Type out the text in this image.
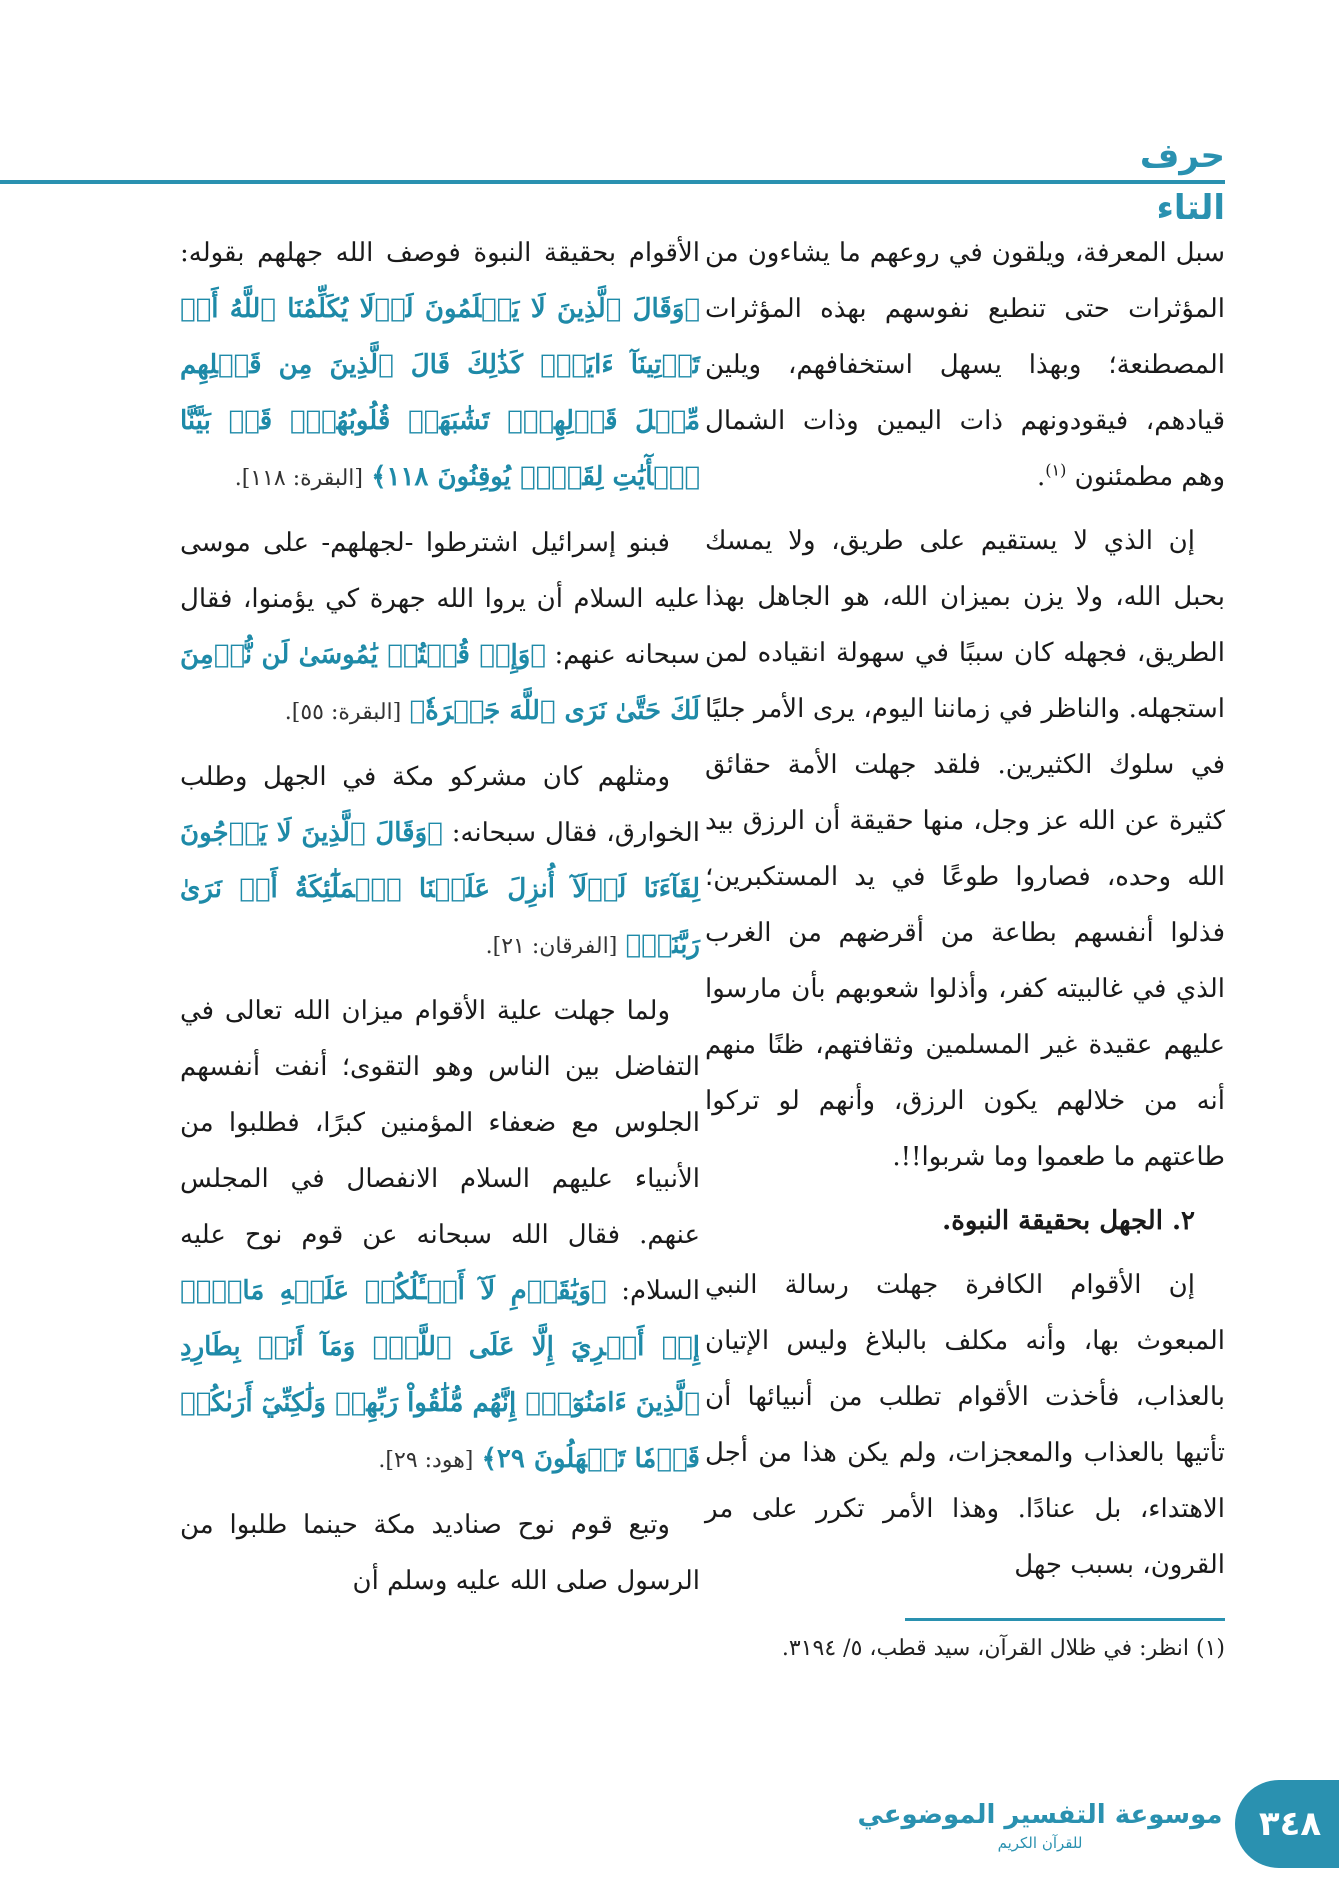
حرف التاء

سبل المعرفة، ويلقون في روعهم ما يشاءون من المؤثرات حتى تنطبع نفوسهم بهذه المؤثرات المصطنعة؛ وبهذا يسهل استخفافهم، ويلين قيادهم، فيقودونهم ذات اليمين وذات الشمال وهم مطمئنون $^{(١)}$.

إن الذي لا يستقيم على طريق، ولا يمسك بحبل الله، ولا يزن بميزان الله، هو الجاهل بهذا الطريق، فجهله كان سببًا في سهولة انقياده لمن استجهله. والناظر في زماننا اليوم، يرى الأمر جليًا في سلوك الكثيرين. فلقد جهلت الأمة حقائق كثيرة عن الله عز وجل، منها حقيقة أن الرزق بيد الله وحده، فصاروا طوعًا في يد المستكبرين؛ فذلوا أنفسهم بطاعة من أقرضهم من الغرب الذي في غالبيته كفر، وأذلوا شعوبهم بأن مارسوا عليهم عقيدة غير المسلمين وثقافتهم، ظنًا منهم أنه من خلالهم يكون الرزق، وأنهم لو تركوا طاعتهم ما طعموا وما شربوا!!.

٢. الجهل بحقيقة النبوة.

إن الأقوام الكافرة جهلت رسالة النبي المبعوث بها، وأنه مكلف بالبلاغ وليس الإتيان بالعذاب، فأخذت الأقوام تطلب من أنبيائها أن تأتيها بالعذاب والمعجزات، ولم يكن هذا من أجل الاهتداء، بل عنادًا. وهذا الأمر تكرر على مر القرون، بسبب جهل

(١) انظر: في ظلال القرآن، سيد قطب، ٥/ ٣١٩٤.

الأقوام بحقيقة النبوة فوصف الله جهلهم بقوله: ﴿وَقَالَ ٱلَّذِينَ لَا يَعۡلَمُونَ لَوۡلَا يُكَلِّمُنَا ٱللَّهُ أَوۡ تَأۡتِينَآ ءَايَةٞۗ كَذَٰلِكَ قَالَ ٱلَّذِينَ مِن قَبۡلِهِم مِّثۡلَ قَوۡلِهِمۡۘ تَشَٰبَهَتۡ قُلُوبُهُمۡۗ قَدۡ بَيَّنَّا ٱلۡأٓيَٰتِ لِقَوۡمٖ يُوقِنُونَ ١١٨﴾ [البقرة: ١١٨].

فبنو إسرائيل اشترطوا -لجهلهم- على موسى عليه السلام أن يروا الله جهرة كي يؤمنوا، فقال سبحانه عنهم: ﴿وَإِذۡ قُلۡتُمۡ يَٰمُوسَىٰ لَن نُّؤۡمِنَ لَكَ حَتَّىٰ نَرَى ٱللَّهَ جَهۡرَةٗ﴾ [البقرة: ٥٥].

ومثلهم كان مشركو مكة في الجهل وطلب الخوارق، فقال سبحانه: ﴿وَقَالَ ٱلَّذِينَ لَا يَرۡجُونَ لِقَآءَنَا لَوۡلَآ أُنزِلَ عَلَيۡنَا ٱلۡمَلَٰٓئِكَةُ أَوۡ نَرَىٰ رَبَّنَاۗ﴾ [الفرقان: ٢١].

ولما جهلت علية الأقوام ميزان الله تعالى في التفاضل بين الناس وهو التقوى؛ أنفت أنفسهم الجلوس مع ضعفاء المؤمنين كبرًا، فطلبوا من الأنبياء عليهم السلام الانفصال في المجلس عنهم. فقال الله سبحانه عن قوم نوح عليه السلام: ﴿وَيَٰقَوۡمِ لَآ أَسۡـَٔلُكُمۡ عَلَيۡهِ مَالًاۖ إِنۡ أَجۡرِيَ إِلَّا عَلَى ٱللَّهِۚ وَمَآ أَنَا۠ بِطَارِدِ ٱلَّذِينَ ءَامَنُوٓاْۚ إِنَّهُم مُّلَٰقُواْ رَبِّهِمۡ وَلَٰكِنِّيٓ أَرَىٰكُمۡ قَوۡمٗا تَجۡهَلُونَ ٢٩﴾ [هود: ٢٩].

وتبع قوم نوح صناديد مكة حينما طلبوا من الرسول صلى الله عليه وسلم أن

موسوعة التفسير الموضوعي
للقرآن الكريم	٣٤٨
